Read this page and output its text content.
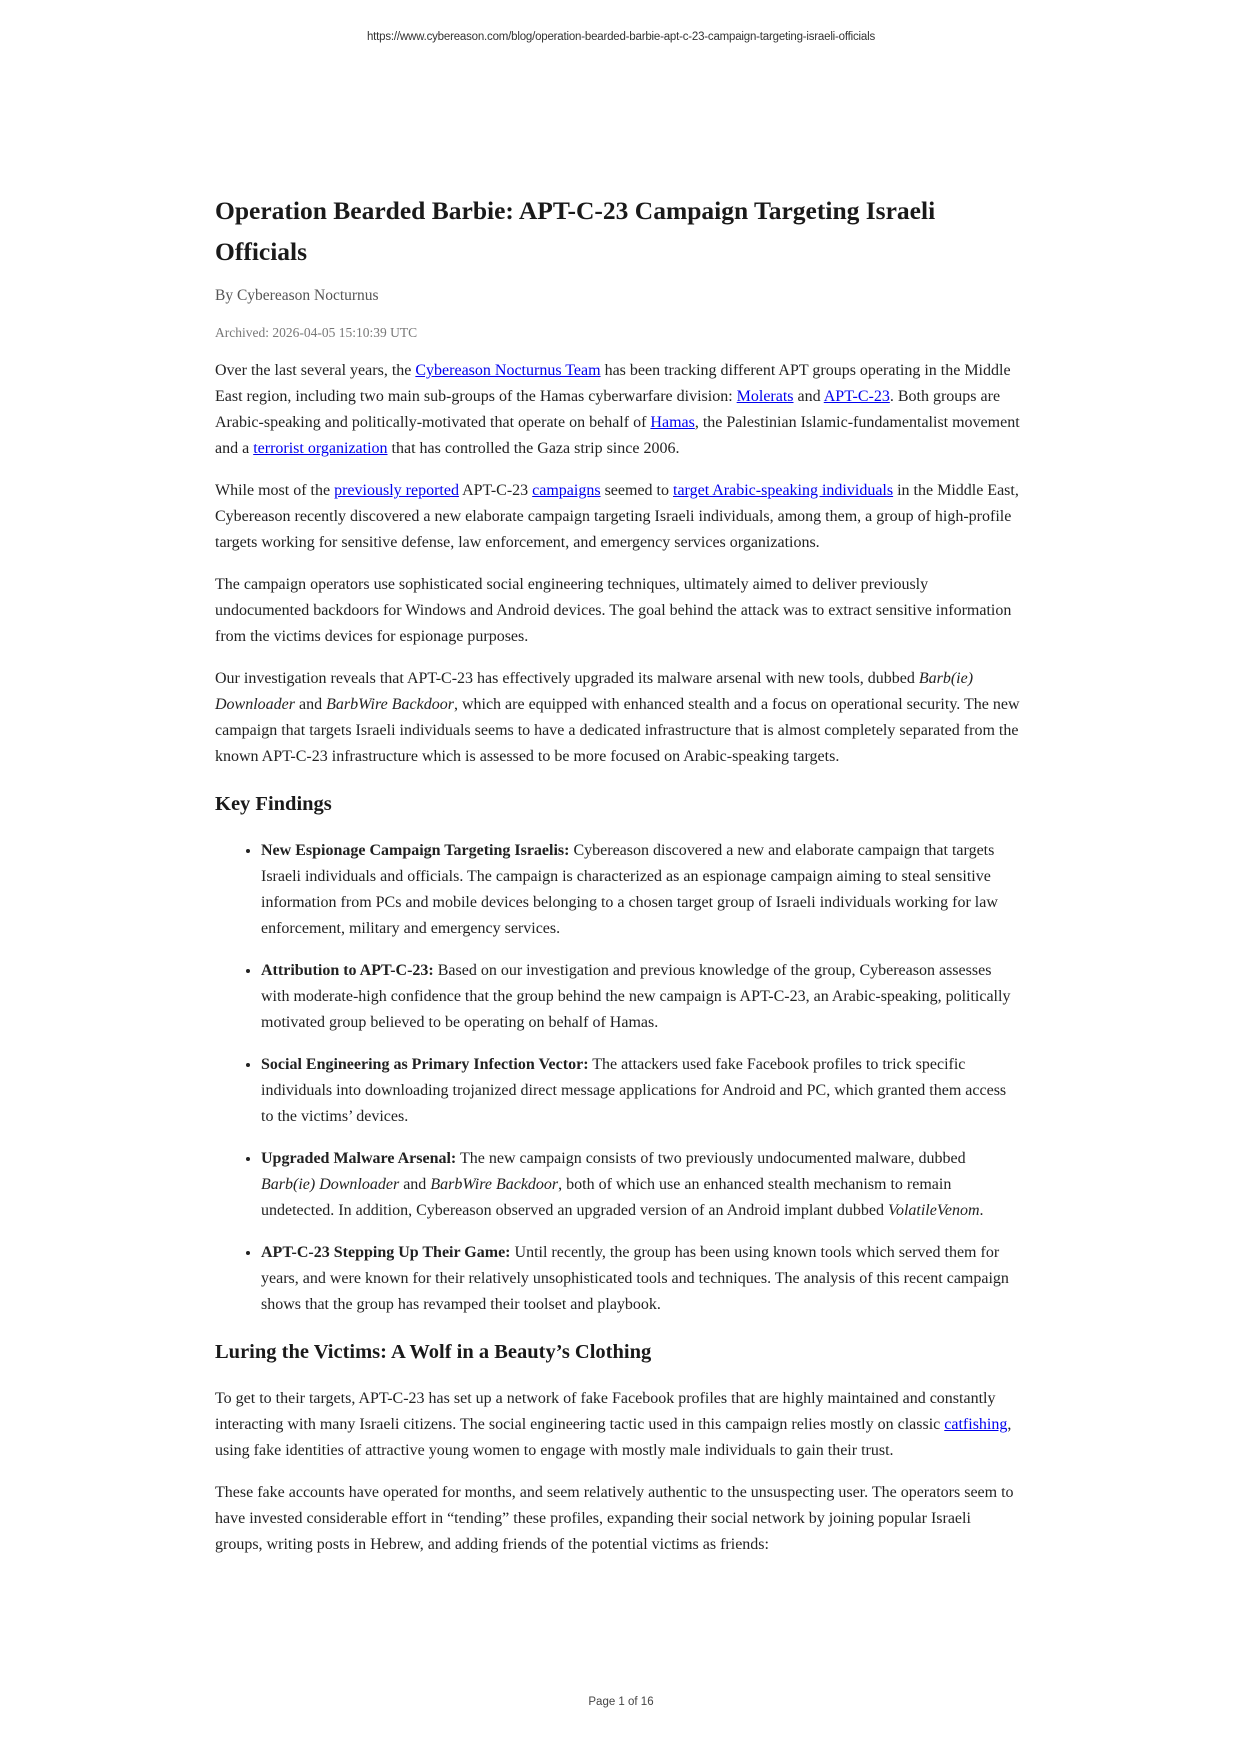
https://www.cybereason.com/blog/operation-bearded-barbie-apt-c-23-campaign-targeting-israeli-officials
Operation Bearded Barbie: APT-C-23 Campaign Targeting Israeli Officials
By Cybereason Nocturnus
Archived: 2026-04-05 15:10:39 UTC

Over the last several years, the Cybereason Nocturnus Team has been tracking different APT groups operating in the Middle East region, including two main sub-groups of the Hamas cyberwarfare division: Molerats and APT-C-23. Both groups are Arabic-speaking and politically-motivated that operate on behalf of Hamas, the Palestinian Islamic-fundamentalist movement and a terrorist organization that has controlled the Gaza strip since 2006.

While most of the previously reported APT-C-23 campaigns seemed to target Arabic-speaking individuals in the Middle East, Cybereason recently discovered a new elaborate campaign targeting Israeli individuals, among them, a group of high-profile targets working for sensitive defense, law enforcement, and emergency services organizations.

The campaign operators use sophisticated social engineering techniques, ultimately aimed to deliver previously undocumented backdoors for Windows and Android devices. The goal behind the attack was to extract sensitive information from the victims devices for espionage purposes.

Our investigation reveals that APT-C-23 has effectively upgraded its malware arsenal with new tools, dubbed Barb(ie) Downloader and BarbWire Backdoor, which are equipped with enhanced stealth and a focus on operational security. The new campaign that targets Israeli individuals seems to have a dedicated infrastructure that is almost completely separated from the known APT-C-23 infrastructure which is assessed to be more focused on Arabic-speaking targets.

Key Findings
• New Espionage Campaign Targeting Israelis: Cybereason discovered a new and elaborate campaign that targets Israeli individuals and officials. The campaign is characterized as an espionage campaign aiming to steal sensitive information from PCs and mobile devices belonging to a chosen target group of Israeli individuals working for law enforcement, military and emergency services.
• Attribution to APT-C-23: Based on our investigation and previous knowledge of the group, Cybereason assesses with moderate-high confidence that the group behind the new campaign is APT-C-23, an Arabic-speaking, politically motivated group believed to be operating on behalf of Hamas.
• Social Engineering as Primary Infection Vector: The attackers used fake Facebook profiles to trick specific individuals into downloading trojanized direct message applications for Android and PC, which granted them access to the victims’ devices.
• Upgraded Malware Arsenal: The new campaign consists of two previously undocumented malware, dubbed Barb(ie) Downloader and BarbWire Backdoor, both of which use an enhanced stealth mechanism to remain undetected. In addition, Cybereason observed an upgraded version of an Android implant dubbed VolatileVenom.
• APT-C-23 Stepping Up Their Game: Until recently, the group has been using known tools which served them for years, and were known for their relatively unsophisticated tools and techniques. The analysis of this recent campaign shows that the group has revamped their toolset and playbook.
Luring the Victims: A Wolf in a Beauty’s Clothing

To get to their targets, APT-C-23 has set up a network of fake Facebook profiles that are highly maintained and constantly interacting with many Israeli citizens. The social engineering tactic used in this campaign relies mostly on classic catfishing, using fake identities of attractive young women to engage with mostly male individuals to gain their trust.

These fake accounts have operated for months, and seem relatively authentic to the unsuspecting user. The operators seem to have invested considerable effort in “tending” these profiles, expanding their social network by joining popular Israeli groups, writing posts in Hebrew, and adding friends of the potential victims as friends:

Page 1 of 16
